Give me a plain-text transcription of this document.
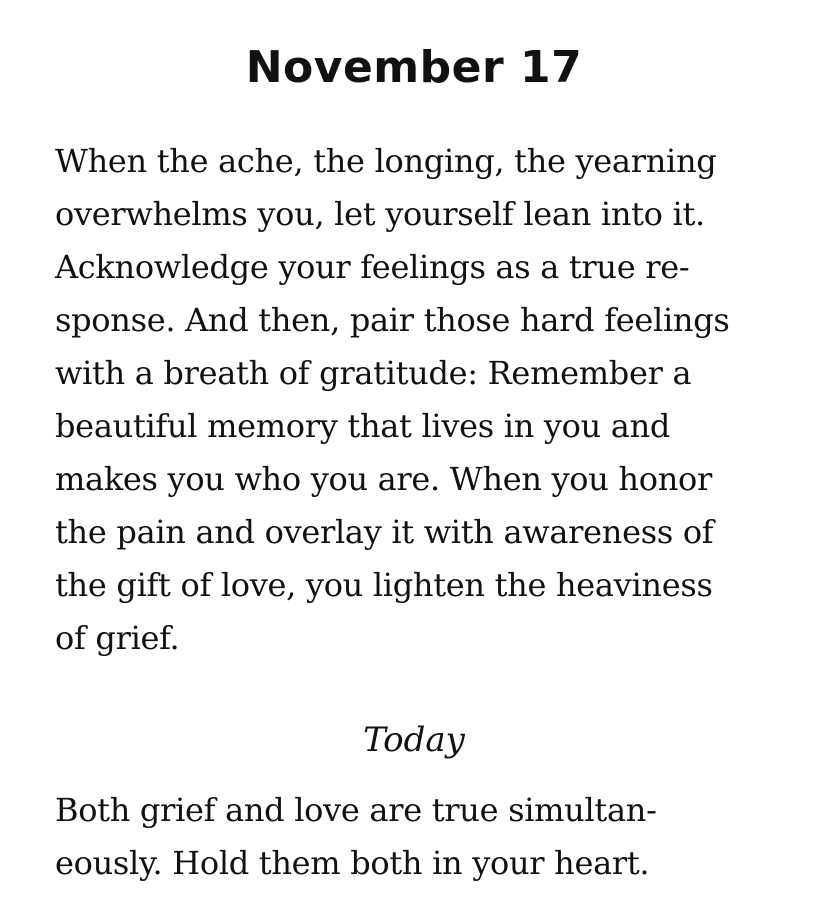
November 17
When the ache, the longing, the yearning
overwhelms you, let yourself lean into it.
Acknowledge your feelings as a true re-
sponse. And then, pair those hard feelings
with a breath of gratitude: Remember a
beautiful memory that lives in you and
makes you who you are. When you honor
the pain and overlay it with awareness of
the gift of love, you lighten the heaviness
of grief.
Today
Both grief and love are true simultan-
eously. Hold them both in your heart.
